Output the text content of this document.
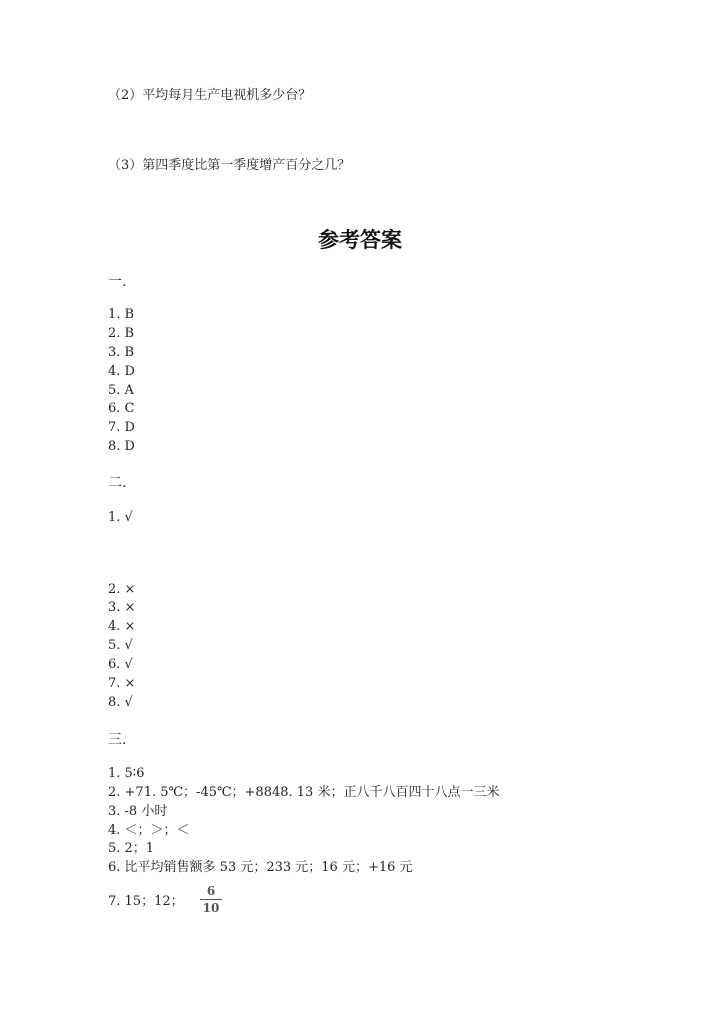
（2）平均每月生产电视机多少台？
（3）第四季度比第一季度增产百分之几？
参考答案
一.
1. B
2. B
3. B
4. D
5. A
6. C
7. D
8. D
二.
1. √
2. ×
3. ×
4. ×
5. √
6. √
7. ×
8. √
三.
1. 5∶6
2. +71. 5℃；-45℃；+8848. 13 米；正八千八百四十八点一三米
3. -8 小时
4. ＜；＞；＜
5. 2；1
6. 比平均销售额多 53 元；233 元；16 元；+16 元
7. 15；12；
6
10
